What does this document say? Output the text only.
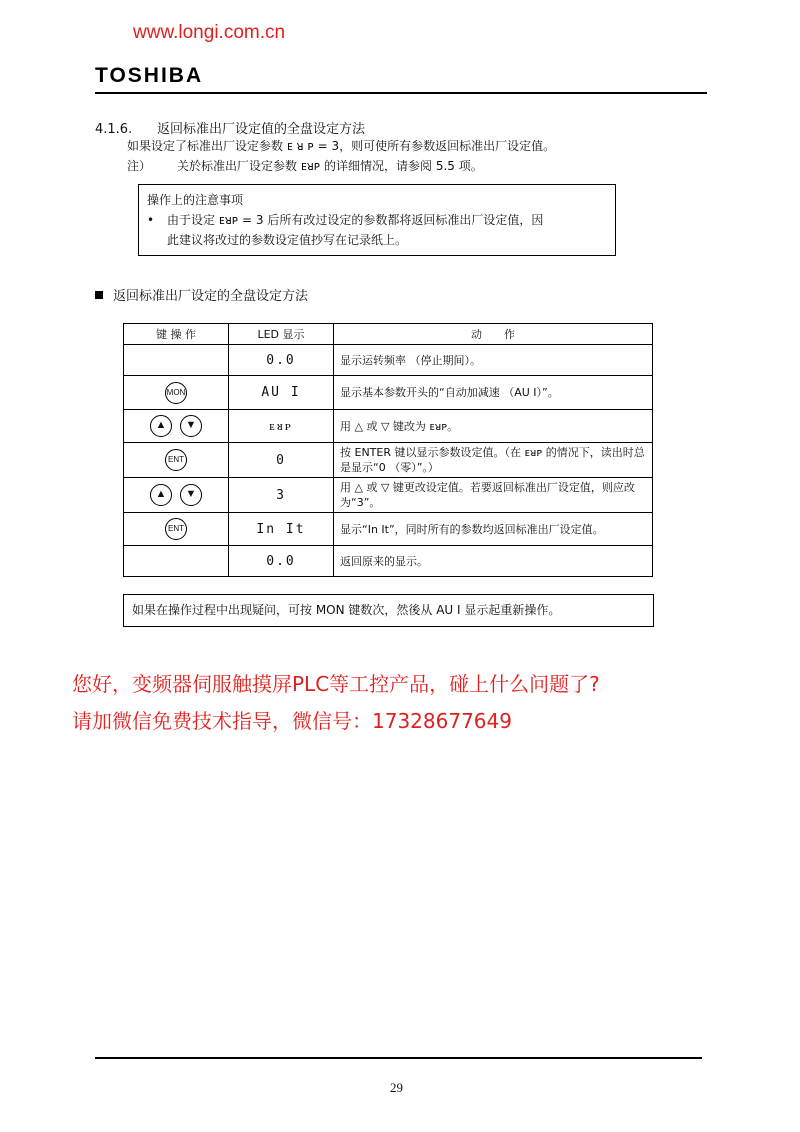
www.longi.com.cn
TOSHIBA
4.1.6. 返回标准出厂设定值的全盘设定方法
如果设定了标准出厂设定参数 ᴇ ᴚ ᴘ = 3，则可使所有参数返回标准出厂设定值。
注） 关於标准出厂设定参数 ᴇᴚᴘ 的详细情况，请参阅 5.5 项。
操作上的注意事项
•	由于设定 ᴇᴚᴘ = 3 后所有改过设定的参数都将返回标准出厂设定值，因
此建议将改过的参数设定值抄写在记录纸上。
返回标准出厂设定的全盘设定方法
键 操 作	LED 显示	动　　作
	0.0	显示运转频率 （停止期间）。
MON	AU I	显示基本参数开头的“自动加减速 （AU I）”。
▲ ▼	ᴇᴚᴘ	用 △ 或 ▽ 键改为 ᴇᴚᴘ。
ENT	0	按 ENTER 键以显示参数设定值。（在 ᴇᴚᴘ 的情况下，读出时总是显示“0 （零）”。）
▲ ▼	3	用 △ 或 ▽ 键更改设定值。若要返回标准出厂设定值，则应改为“3”。
ENT	In It	显示“In It”，同时所有的参数均返回标准出厂设定值。
	0.0	返回原来的显示。
如果在操作过程中出现疑问，可按 MON 键数次，然後从 AU I 显示起重新操作。
您好，变频器伺服触摸屏PLC等工控产品，碰上什么问题了?
请加微信免费技术指导，微信号：17328677649
29
